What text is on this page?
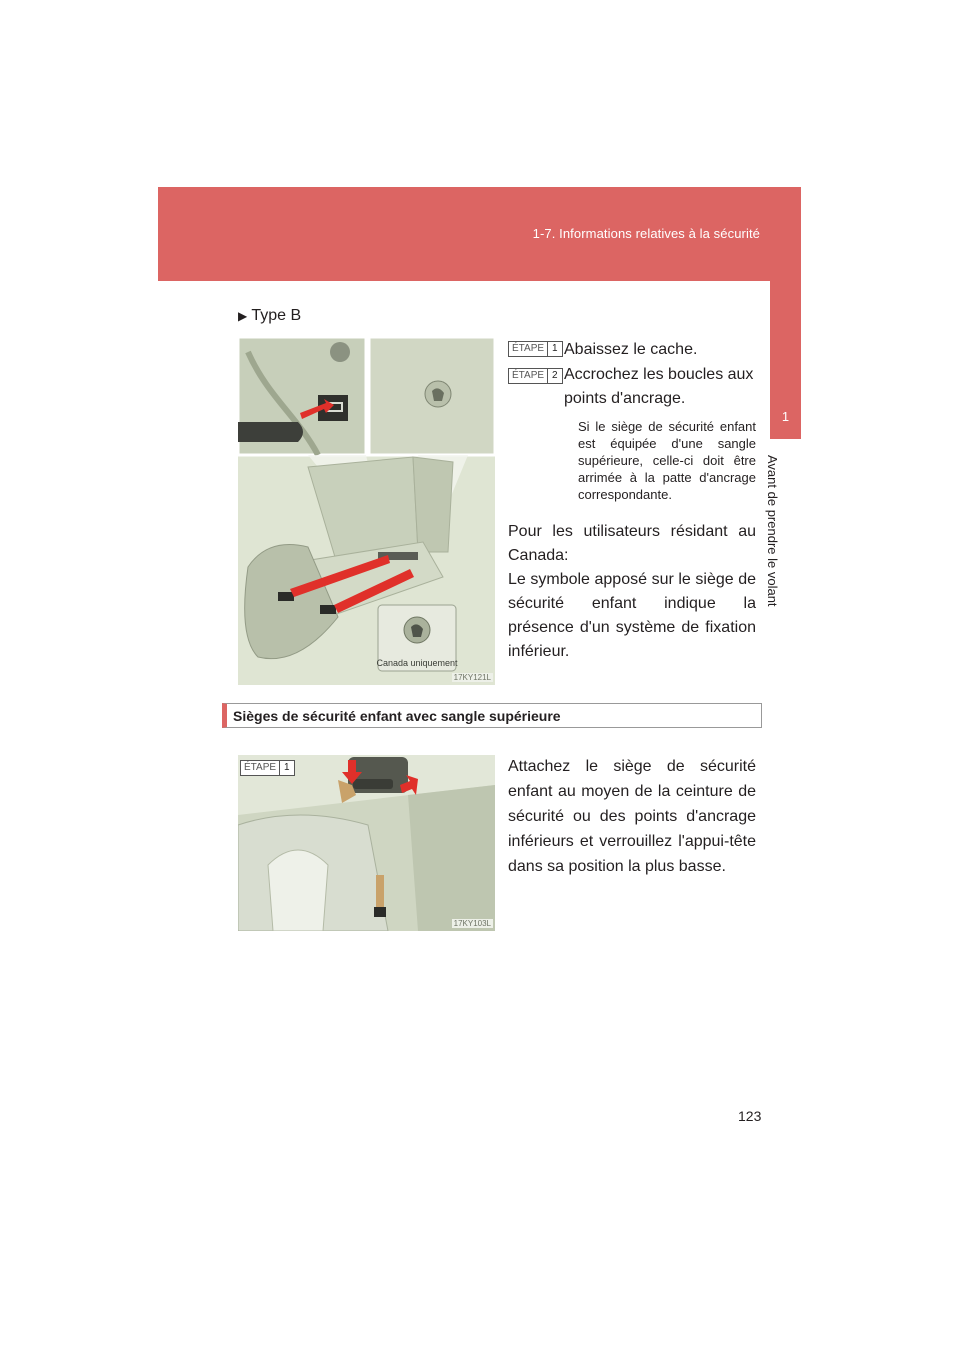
1-7. Informations relatives à la sécurité
1
Avant de prendre le volant
▶ Type B
Canada uniquement
17KY121L
ÉTAPE 1 Abaissez le cache.
ÉTAPE 2 Accrochez les boucles aux points d'ancrage.
Si le siège de sécurité enfant est équipée d'une sangle supérieure, celle-ci doit être arrimée à la patte d'ancrage correspondante.
Pour les utilisateurs résidant au Canada:
Le symbole apposé sur le siège de sécurité enfant indique la présence d'un système de fixation inférieur.
Sièges de sécurité enfant avec sangle supérieure
ÉTAPE 1
17KY103L
Attachez le siège de sécurité enfant au moyen de la ceinture de sécurité ou des points d'ancrage inférieurs et verrouillez l'appui-tête dans sa position la plus basse.
123
